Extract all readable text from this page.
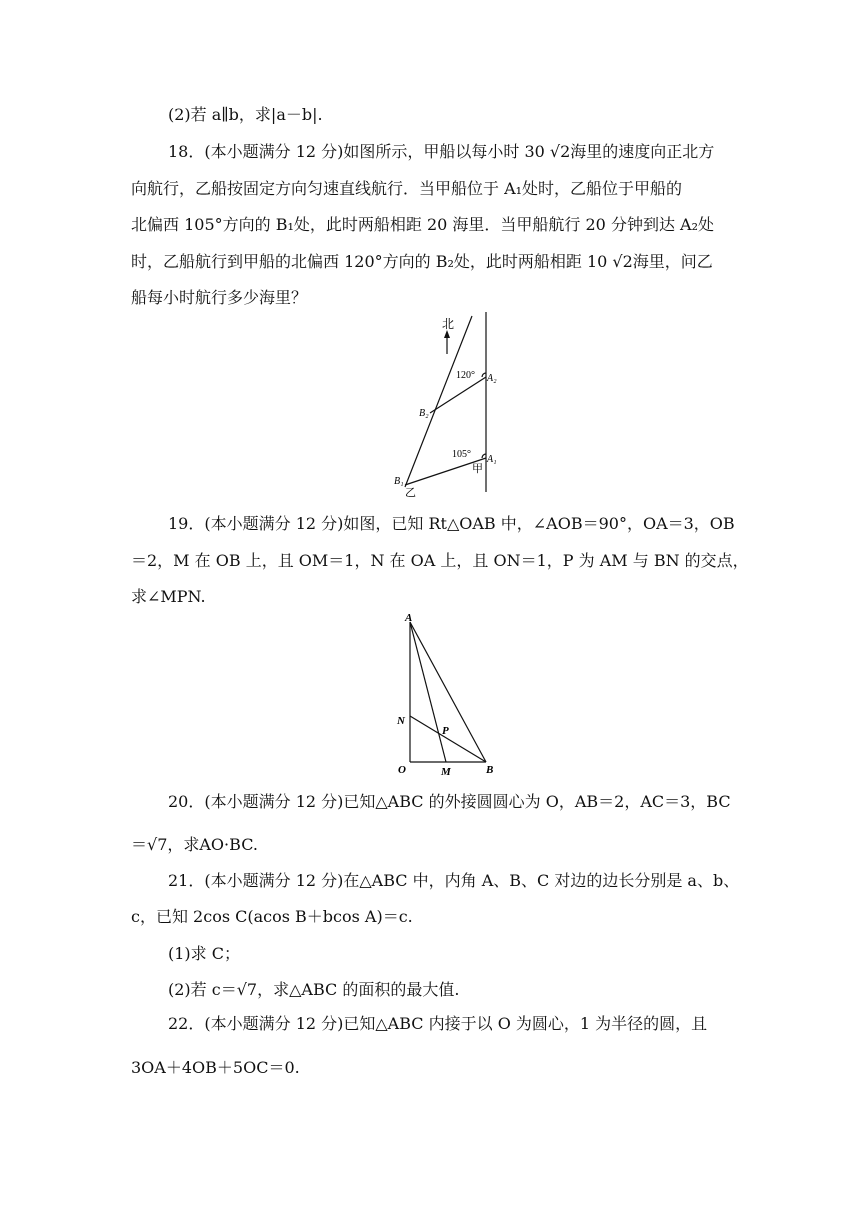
(2)若 a∥b，求|a－b|.
18．(本小题满分 12 分)如图所示，甲船以每小时 30 √2海里的速度向正北方
向航行，乙船按固定方向匀速直线航行．当甲船位于 A₁处时，乙船位于甲船的
北偏西 105°方向的 B₁处，此时两船相距 20 海里．当甲船航行 20 分钟到达 A₂处
时，乙船航行到甲船的北偏西 120°方向的 B₂处，此时两船相距 10 √2海里，问乙
船每小时航行多少海里？
19．(本小题满分 12 分)如图，已知 Rt△OAB 中，∠AOB＝90°，OA＝3，OB
＝2，M 在 OB 上，且 OM＝1，N 在 OA 上，且 ON＝1，P 为 AM 与 BN 的交点，
求∠MPN.
20．(本小题满分 12 分)已知△ABC 的外接圆圆心为 O，AB＝2，AC＝3，BC
＝√7，求AO·BC.
21．(本小题满分 12 分)在△ABC 中，内角 A、B、C 对边的边长分别是 a、b、
c，已知 2cos C(acos B＋bcos A)＝c.
(1)求 C；
(2)若 c＝√7，求△ABC 的面积的最大值.
22．(本小题满分 12 分)已知△ABC 内接于以 O 为圆心，1 为半径的圆，且
3OA＋4OB＋5OC＝0.
北
120° A₂
B₂
105° A₁
甲
B₁
乙
A
N
P
O	M	B
